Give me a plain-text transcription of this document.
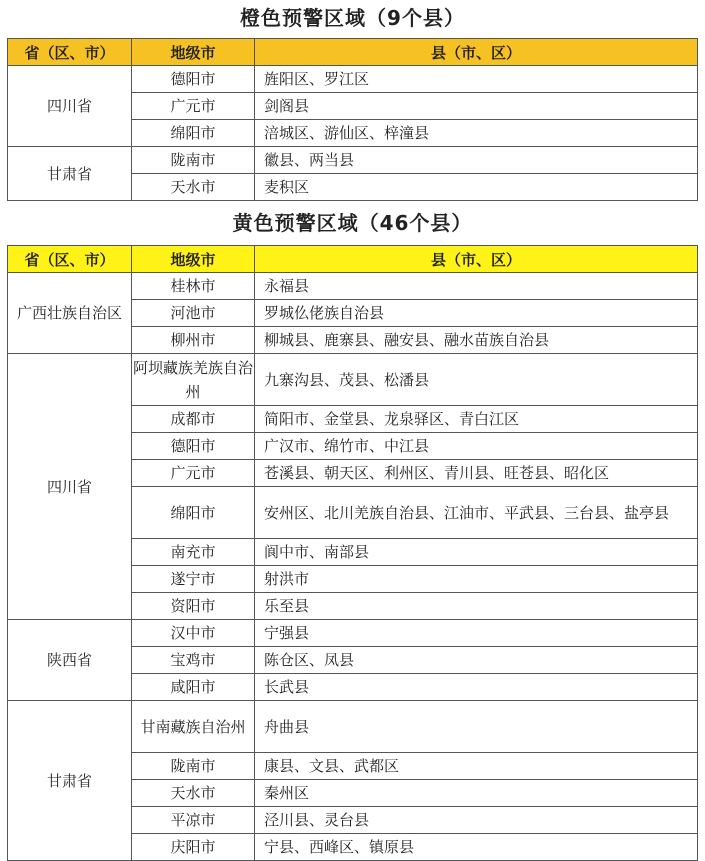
橙色预警区域（9个县）
省（区、市）	地级市	县（市、区）
四川省	德阳市	旌阳区、罗江区
	广元市	剑阁县
	绵阳市	涪城区、游仙区、梓潼县
甘肃省	陇南市	徽县、两当县
	天水市	麦积区
黄色预警区域（46个县）
省（区、市）	地级市	县（市、区）
广西壮族自治区	桂林市	永福县
	河池市	罗城仫佬族自治县
	柳州市	柳城县、鹿寨县、融安县、融水苗族自治县
四川省	阿坝藏族羌族自治州	九寨沟县、茂县、松潘县
	成都市	简阳市、金堂县、龙泉驿区、青白江区
	德阳市	广汉市、绵竹市、中江县
	广元市	苍溪县、朝天区、利州区、青川县、旺苍县、昭化区
	绵阳市	安州区、北川羌族自治县、江油市、平武县、三台县、盐亭县
	南充市	阆中市、南部县
	遂宁市	射洪市
	资阳市	乐至县
陕西省	汉中市	宁强县
	宝鸡市	陈仓区、凤县
	咸阳市	长武县
甘肃省	甘南藏族自治州	舟曲县
	陇南市	康县、文县、武都区
	天水市	秦州区
	平凉市	泾川县、灵台县
	庆阳市	宁县、西峰区、镇原县
